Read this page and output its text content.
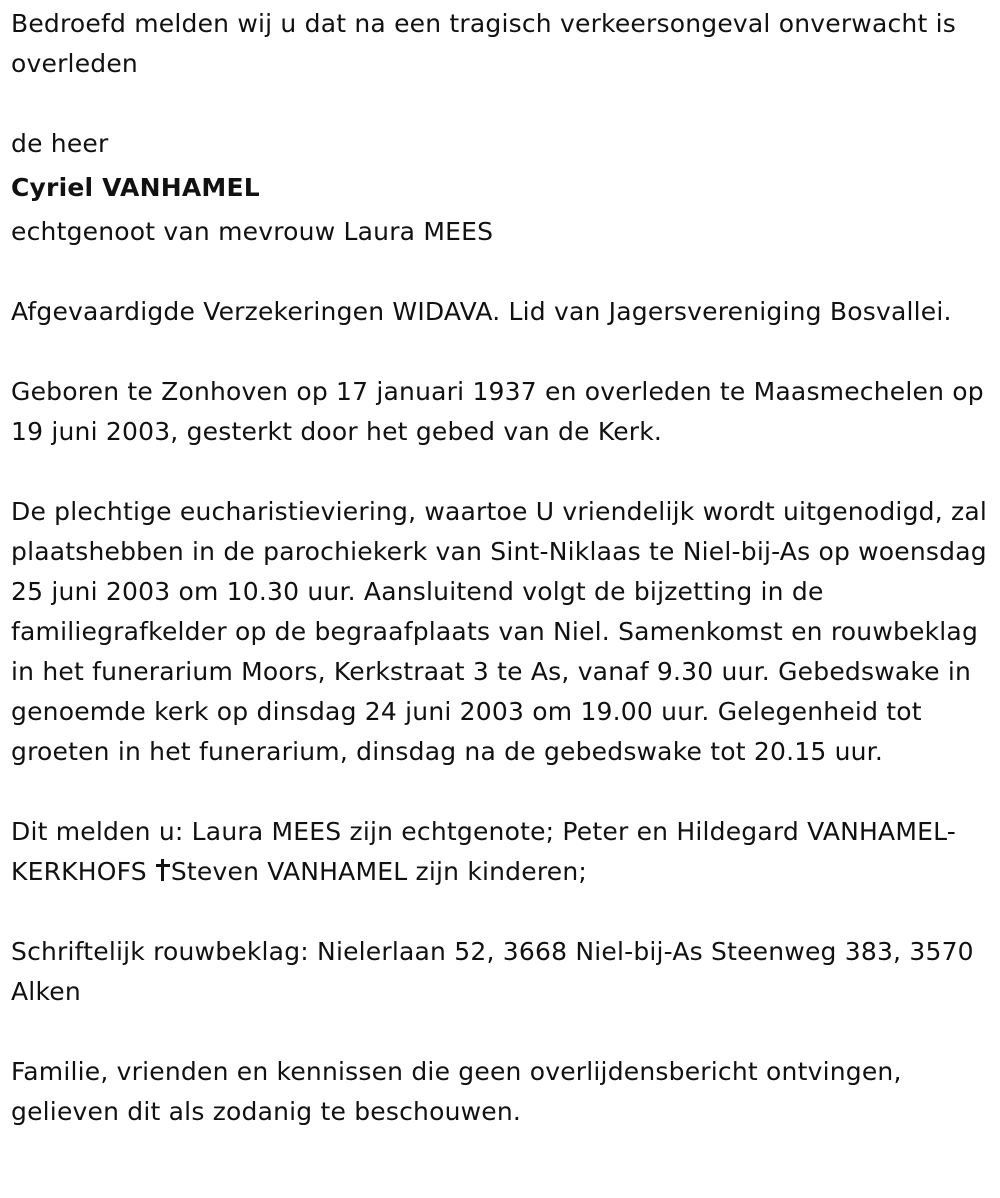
Bedroefd melden wij u dat na een tragisch verkeersongeval onverwacht is overleden

de heer

Cyriel VANHAMEL

echtgenoot van mevrouw Laura MEES

Afgevaardigde Verzekeringen WIDAVA. Lid van Jagersvereniging Bosvallei.

Geboren te Zonhoven op 17 januari 1937 en overleden te Maasmechelen op 19 juni 2003, gesterkt door het gebed van de Kerk.

De plechtige eucharistieviering, waartoe U vriendelijk wordt uitgenodigd, zal plaatshebben in de parochiekerk van Sint-Niklaas te Niel-bij-As op woensdag 25 juni 2003 om 10.30 uur. Aansluitend volgt de bijzetting in de familiegrafkelder op de begraafplaats van Niel. Samenkomst en rouwbeklag in het funerarium Moors, Kerkstraat 3 te As, vanaf 9.30 uur. Gebedswake in genoemde kerk op dinsdag 24 juni 2003 om 19.00 uur. Gelegenheid tot groeten in het funerarium, dinsdag na de gebedswake tot 20.15 uur.

Dit melden u: Laura MEES zijn echtgenote; Peter en Hildegard VANHAMEL-KERKHOFS Steven VANHAMEL zijn kinderen;

Schriftelijk rouwbeklag: Nielerlaan 52, 3668 Niel-bij-As Steenweg 383, 3570 Alken

Familie, vrienden en kennissen die geen overlijdensbericht ontvingen, gelieven dit als zodanig te beschouwen.
